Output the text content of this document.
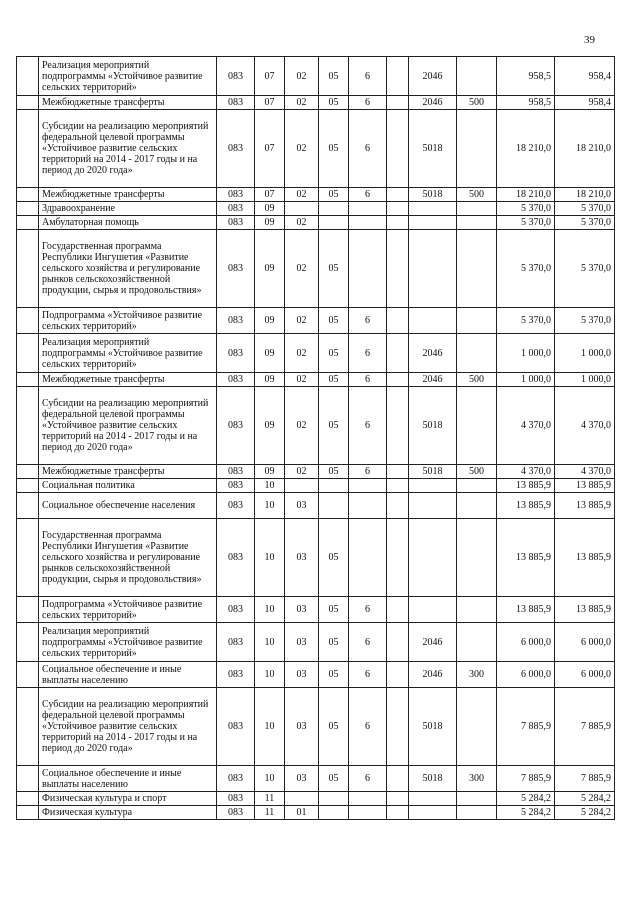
39
	Реализация мероприятий подпрограммы «Устойчивое развитие сельских территорий»	083	07	02	05	6		2046		958,5	958,4
	Межбюджетные трансферты	083	07	02	05	6		2046	500	958,5	958,4
	Субсидии на реализацию мероприятий федеральной целевой программы «Устойчивое развитие сельских территорий на 2014 - 2017 годы и на период до 2020 года»	083	07	02	05	6		5018		18 210,0	18 210,0
	Межбюджетные трансферты	083	07	02	05	6		5018	500	18 210,0	18 210,0
	Здравоохранение	083	09							5 370,0	5 370,0
	Амбулаторная помощь	083	09	02						5 370,0	5 370,0
	Государственная программа Республики Ингушетия «Развитие сельского хозяйства и регулирование рынков сельскохозяйственной продукции, сырья и продовольствия»	083	09	02	05					5 370,0	5 370,0
	Подпрограмма «Устойчивое развитие сельских территорий»	083	09	02	05	6				5 370,0	5 370,0
	Реализация мероприятий подпрограммы «Устойчивое развитие сельских территорий»	083	09	02	05	6		2046		1 000,0	1 000,0
	Межбюджетные трансферты	083	09	02	05	6		2046	500	1 000,0	1 000,0
	Субсидии на реализацию мероприятий федеральной целевой программы «Устойчивое развитие сельских территорий на 2014 - 2017 годы и на период до 2020 года»	083	09	02	05	6		5018		4 370,0	4 370,0
	Межбюджетные трансферты	083	09	02	05	6		5018	500	4 370,0	4 370,0
	Социальная политика	083	10							13 885,9	13 885,9
	Социальное обеспечение населения	083	10	03						13 885,9	13 885,9
	Государственная программа Республики Ингушетия «Развитие сельского хозяйства и регулирование рынков сельскохозяйственной продукции, сырья и продовольствия»	083	10	03	05					13 885,9	13 885,9
	Подпрограмма «Устойчивое развитие сельских территорий»	083	10	03	05	6				13 885,9	13 885,9
	Реализация мероприятий подпрограммы «Устойчивое развитие сельских территорий»	083	10	03	05	6		2046		6 000,0	6 000,0
	Социальное обеспечение и иные выплаты населению	083	10	03	05	6		2046	300	6 000,0	6 000,0
	Субсидии на реализацию мероприятий федеральной целевой программы «Устойчивое развитие сельских территорий на 2014 - 2017 годы и на период до 2020 года»	083	10	03	05	6		5018		7 885,9	7 885,9
	Социальное обеспечение и иные выплаты населению	083	10	03	05	6		5018	300	7 885,9	7 885,9
	Физическая культура и спорт	083	11							5 284,2	5 284,2
	Физическая культура	083	11	01						5 284,2	5 284,2
